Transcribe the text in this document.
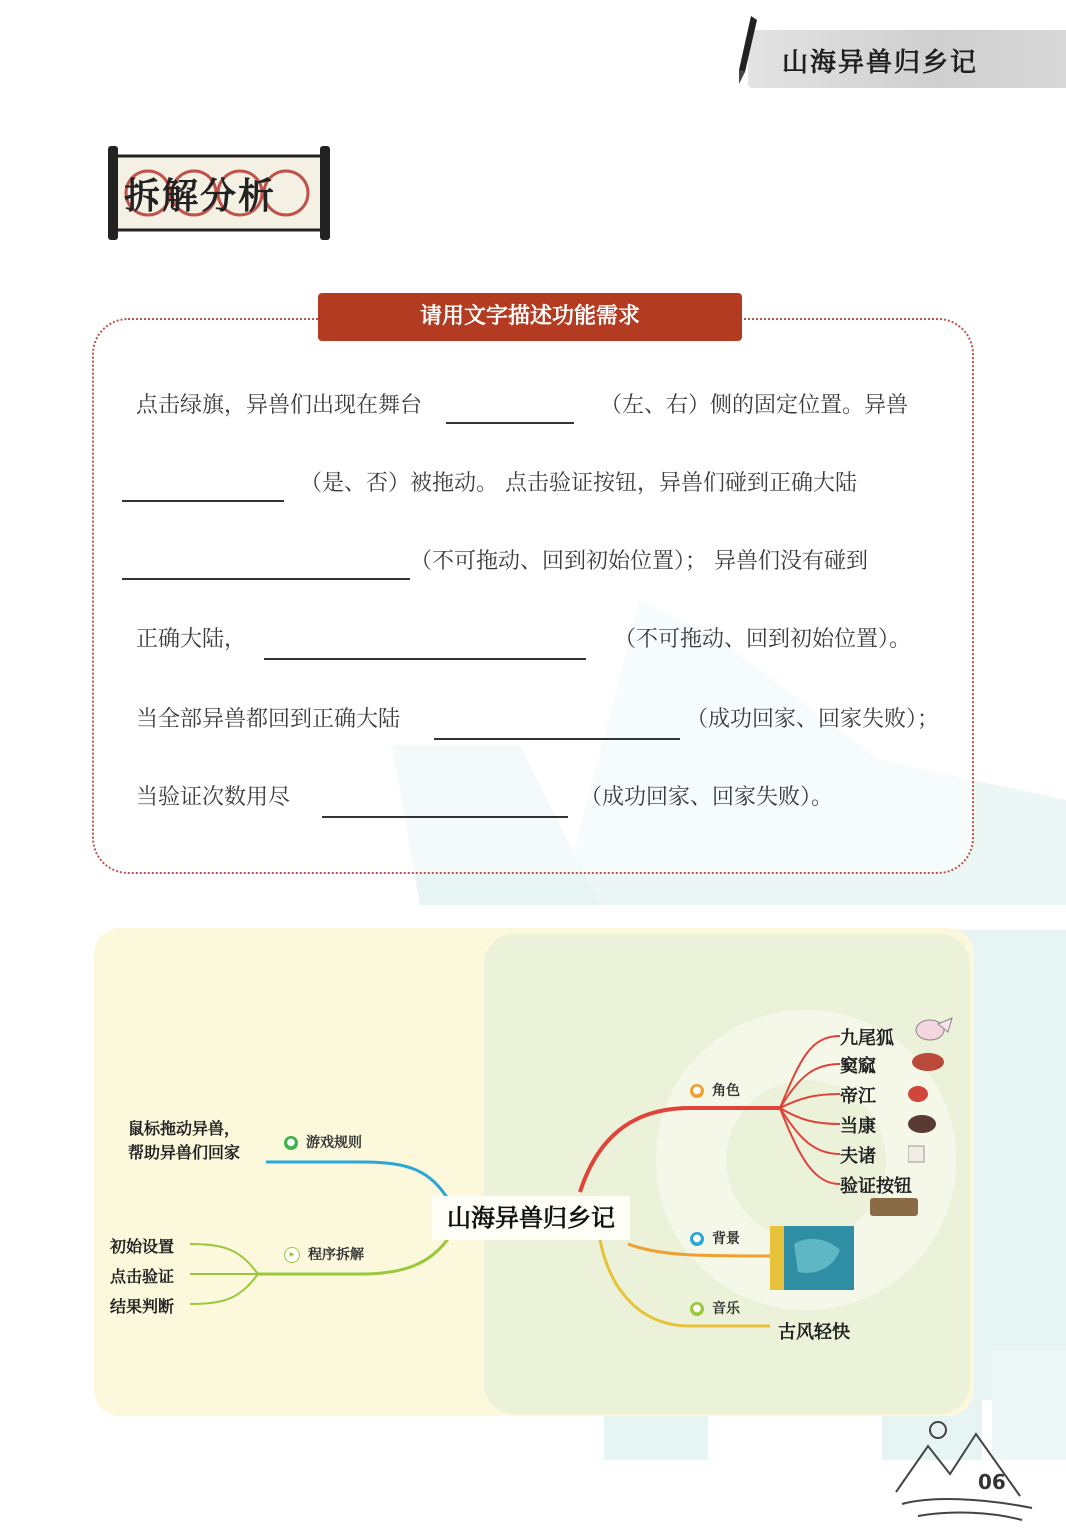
山海异兽归乡记
拆解分析
请用文字描述功能需求
点击绿旗，异兽们出现在舞台	（左、右）侧的固定位置。异兽
（是、否）被拖动。 点击验证按钮，异兽们碰到正确大陆
（不可拖动、回到初始位置）； 异兽们没有碰到
正确大陆，	（不可拖动、回到初始位置）。
当全部异兽都回到正确大陆	（成功回家、回家失败）；
当验证次数用尽	（成功回家、回家失败）。
山海异兽归乡记
● 角色
九尾狐
窫窳
帝江
当康
夫诸
验证按钮
● 背景
● 音乐
古风轻快
● 游戏规则
鼠标拖动异兽，
帮助异兽们回家
▸ 程序拆解
初始设置
点击验证
结果判断
06
